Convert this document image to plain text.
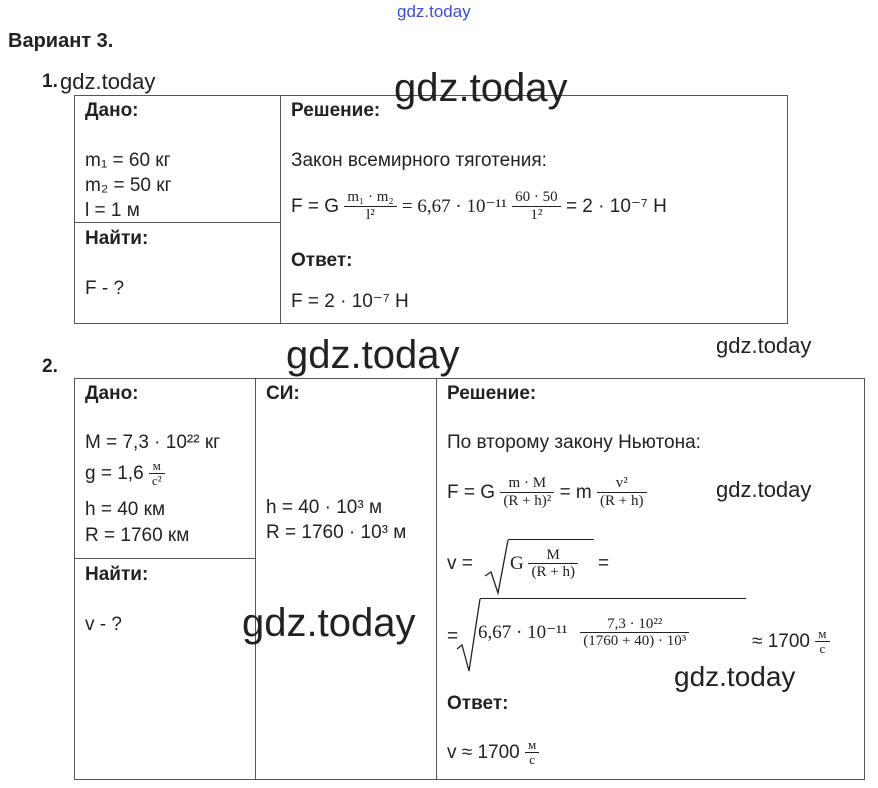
gdz.today
Вариант 3.
1. gdz.today
Дано:
m₁ = 60 кг
m₂ = 50 кг
l = 1 м
Найти:
F - ?
Решение:
Закон всемирного тяготения:
F = G $\frac{\text{m₁ · m₂}}{\text{l²}} = 6,67 \cdot 10^{-11} \frac{60 \cdot 50}{\text{1²}} = 2 \cdot 10^{-7}$ Н
Ответ:
F = 2 · 10⁻⁷ Н
gdz.today
2.	gdz.today	gdz.today
Дано:
M = 7,3 · 10²² кг
$g = 1,6 \frac{м}{\text{с²}}$
h = 40 км
R = 1760 км
Найти:
v - ?
СИ:
h = 40 · 10³ м
R = 1760 · 10³ м
Решение:
По второму закону Ньютона:
F = G $\frac{m \cdot M}{\text{(R + h)²}} = m \frac{\text{v²}}{(R + h)}$	gdz.today
v = G $\frac{M}{(R + h)}$ =
= $6,67 \cdot 10^{-11} \frac{\text{7,3 · 10²²}}{\text{(1760 + 40) · 10³}}$	≈ $1700 \frac{м}{с}$
gdz.today
gdz.today
Ответ:
$v \approx 1700 \frac{м}{с}$
